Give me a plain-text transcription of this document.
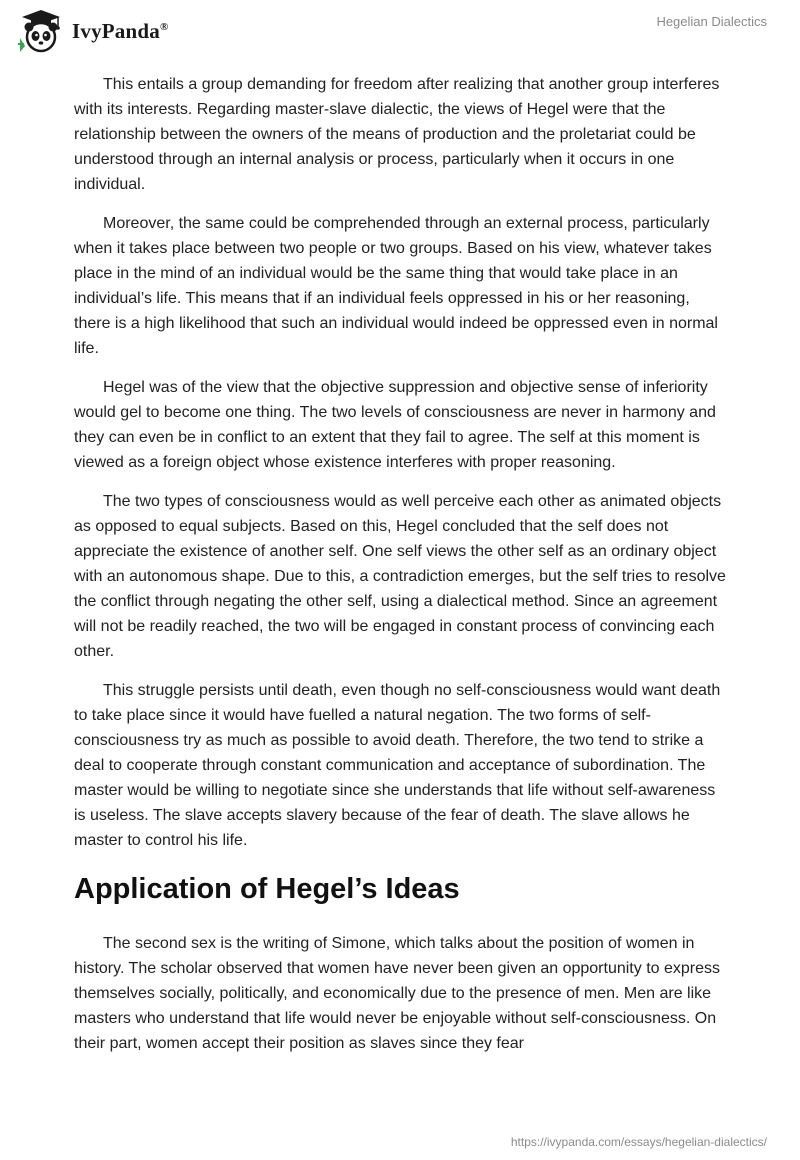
IvyPanda®	Hegelian Dialectics

This entails a group demanding for freedom after realizing that another group interferes with its interests. Regarding master-slave dialectic, the views of Hegel were that the relationship between the owners of the means of production and the proletariat could be understood through an internal analysis or process, particularly when it occurs in one individual.

Moreover, the same could be comprehended through an external process, particularly when it takes place between two people or two groups. Based on his view, whatever takes place in the mind of an individual would be the same thing that would take place in an individual’s life. This means that if an individual feels oppressed in his or her reasoning, there is a high likelihood that such an individual would indeed be oppressed even in normal life.

Hegel was of the view that the objective suppression and objective sense of inferiority would gel to become one thing. The two levels of consciousness are never in harmony and they can even be in conflict to an extent that they fail to agree. The self at this moment is viewed as a foreign object whose existence interferes with proper reasoning.

The two types of consciousness would as well perceive each other as animated objects as opposed to equal subjects. Based on this, Hegel concluded that the self does not appreciate the existence of another self. One self views the other self as an ordinary object with an autonomous shape. Due to this, a contradiction emerges, but the self tries to resolve the conflict through negating the other self, using a dialectical method. Since an agreement will not be readily reached, the two will be engaged in constant process of convincing each other.

This struggle persists until death, even though no self-consciousness would want death to take place since it would have fuelled a natural negation. The two forms of self-consciousness try as much as possible to avoid death. Therefore, the two tend to strike a deal to cooperate through constant communication and acceptance of subordination. The master would be willing to negotiate since she understands that life without self-awareness is useless. The slave accepts slavery because of the fear of death. The slave allows he master to control his life.

Application of Hegel’s Ideas

The second sex is the writing of Simone, which talks about the position of women in history. The scholar observed that women have never been given an opportunity to express themselves socially, politically, and economically due to the presence of men. Men are like masters who understand that life would never be enjoyable without self-consciousness. On their part, women accept their position as slaves since they fear

https://ivypanda.com/essays/hegelian-dialectics/
